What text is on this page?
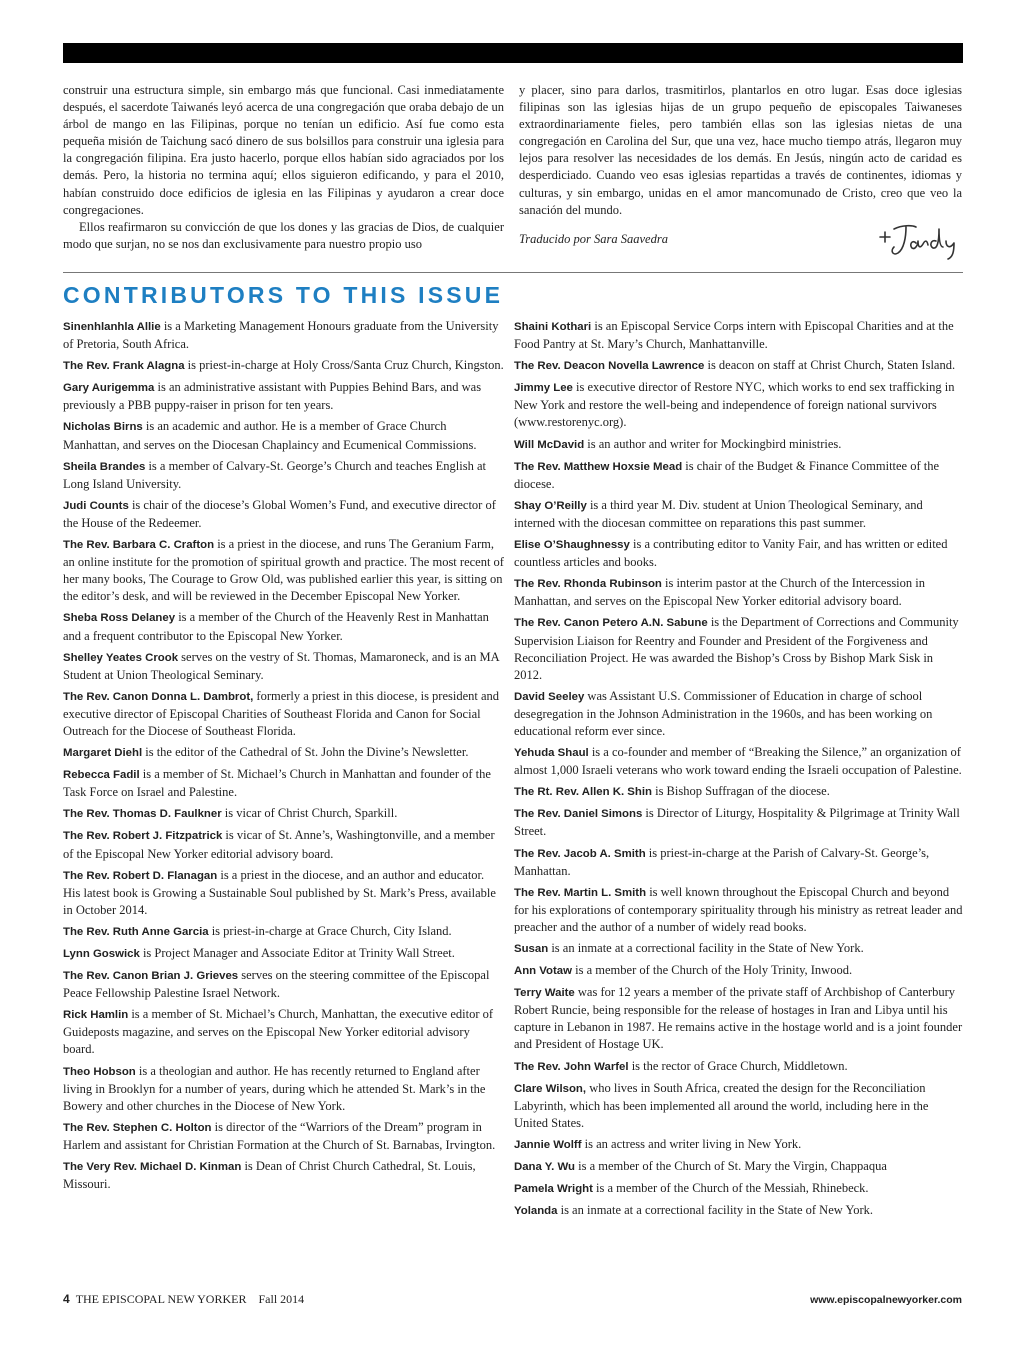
construir una estructura simple, sin embargo más que funcional. Casi inmediatamente después, el sacerdote Taiwanés leyó acerca de una congregación que oraba debajo de un árbol de mango en las Filipinas, porque no tenían un edificio. Así fue como esta pequeña misión de Taichung sacó dinero de sus bolsillos para construir una iglesia para la congregación filipina. Era justo hacerlo, porque ellos habían sido agraciados por los demás. Pero, la historia no termina aquí; ellos siguieron edificando, y para el 2010, habían construido doce edificios de iglesia en las Filipinas y ayudaron a crear doce congregaciones.

Ellos reafirmaron su convicción de que los dones y las gracias de Dios, de cualquier modo que surjan, no se nos dan exclusivamente para nuestro propio uso

y placer, sino para darlos, trasmitirlos, plantarlos en otro lugar. Esas doce iglesias filipinas son las iglesias hijas de un grupo pequeño de episcopales Taiwaneses extraordinariamente fieles, pero también ellas son las iglesias nietas de una congregación en Carolina del Sur, que una vez, hace mucho tiempo atrás, llegaron muy lejos para resolver las necesidades de los demás. En Jesús, ningún acto de caridad es desperdiciado. Cuando veo esas iglesias repartidas a través de continentes, idiomas y culturas, y sin embargo, unidas en el amor mancomunado de Cristo, creo que veo la sanación del mundo.

Traducido por Sara Saavedra

CONTRIBUTORS TO THIS ISSUE

Sinenhlanhla Allie is a Marketing Management Honours graduate from the University of Pretoria, South Africa.

The Rev. Frank Alagna is priest-in-charge at Holy Cross/Santa Cruz Church, Kingston.

Gary Aurigemma is an administrative assistant with Puppies Behind Bars, and was previously a PBB puppy-raiser in prison for ten years.

Nicholas Birns is an academic and author. He is a member of Grace Church Manhattan, and serves on the Diocesan Chaplaincy and Ecumenical Commissions.

Sheila Brandes is a member of Calvary-St. George’s Church and teaches English at Long Island University.

Judi Counts is chair of the diocese’s Global Women’s Fund, and executive director of the House of the Redeemer.

The Rev. Barbara C. Crafton is a priest in the diocese, and runs The Geranium Farm, an online institute for the promotion of spiritual growth and practice. The most recent of her many books, The Courage to Grow Old, was published earlier this year, is sitting on the editor’s desk, and will be reviewed in the December Episcopal New Yorker.

Sheba Ross Delaney is a member of the Church of the Heavenly Rest in Manhattan and a frequent contributor to the Episcopal New Yorker.

Shelley Yeates Crook serves on the vestry of St. Thomas, Mamaroneck, and is an MA Student at Union Theological Seminary.

The Rev. Canon Donna L. Dambrot, formerly a priest in this diocese, is president and executive director of Episcopal Charities of Southeast Florida and Canon for Social Outreach for the Diocese of Southeast Florida.

Margaret Diehl is the editor of the Cathedral of St. John the Divine’s Newsletter.

Rebecca Fadil is a member of St. Michael’s Church in Manhattan and founder of the Task Force on Israel and Palestine.

The Rev. Thomas D. Faulkner is vicar of Christ Church, Sparkill.

The Rev. Robert J. Fitzpatrick is vicar of St. Anne’s, Washingtonville, and a member of the Episcopal New Yorker editorial advisory board.

The Rev. Robert D. Flanagan is a priest in the diocese, and an author and educator. His latest book is Growing a Sustainable Soul published by St. Mark’s Press, available in October 2014.

The Rev. Ruth Anne Garcia is priest-in-charge at Grace Church, City Island.

Lynn Goswick is Project Manager and Associate Editor at Trinity Wall Street.

The Rev. Canon Brian J. Grieves serves on the steering committee of the Episcopal Peace Fellowship Palestine Israel Network.

Rick Hamlin is a member of St. Michael’s Church, Manhattan, the executive editor of Guideposts magazine, and serves on the Episcopal New Yorker editorial advisory board.

Theo Hobson is a theologian and author. He has recently returned to England after living in Brooklyn for a number of years, during which he attended St. Mark’s in the Bowery and other churches in the Diocese of New York.

The Rev. Stephen C. Holton is director of the “Warriors of the Dream” program in Harlem and assistant for Christian Formation at the Church of St. Barnabas, Irvington.

The Very Rev. Michael D. Kinman is Dean of Christ Church Cathedral, St. Louis, Missouri.

Shaini Kothari is an Episcopal Service Corps intern with Episcopal Charities and at the Food Pantry at St. Mary’s Church, Manhattanville.

The Rev. Deacon Novella Lawrence is deacon on staff at Christ Church, Staten Island.

Jimmy Lee is executive director of Restore NYC, which works to end sex trafficking in New York and restore the well-being and independence of foreign national survivors (www.restorenyc.org).

Will McDavid is an author and writer for Mockingbird ministries.

The Rev. Matthew Hoxsie Mead is chair of the Budget & Finance Committee of the diocese.

Shay O’Reilly is a third year M. Div. student at Union Theological Seminary, and interned with the diocesan committee on reparations this past summer.

Elise O’Shaughnessy is a contributing editor to Vanity Fair, and has written or edited countless articles and books.

The Rev. Rhonda Rubinson is interim pastor at the Church of the Intercession in Manhattan, and serves on the Episcopal New Yorker editorial advisory board.

The Rev. Canon Petero A.N. Sabune is the Department of Corrections and Community Supervision Liaison for Reentry and Founder and President of the Forgiveness and Reconciliation Project. He was awarded the Bishop’s Cross by Bishop Mark Sisk in 2012.

David Seeley was Assistant U.S. Commissioner of Education in charge of school desegregation in the Johnson Administration in the 1960s, and has been working on educational reform ever since.

Yehuda Shaul is a co-founder and member of “Breaking the Silence,” an organization of almost 1,000 Israeli veterans who work toward ending the Israeli occupation of Palestine.

The Rt. Rev. Allen K. Shin is Bishop Suffragan of the diocese.

The Rev. Daniel Simons is Director of Liturgy, Hospitality & Pilgrimage at Trinity Wall Street.

The Rev. Jacob A. Smith is priest-in-charge at the Parish of Calvary-St. George’s, Manhattan.

The Rev. Martin L. Smith is well known throughout the Episcopal Church and beyond for his explorations of contemporary spirituality through his ministry as retreat leader and preacher and the author of a number of widely read books.

Susan is an inmate at a correctional facility in the State of New York.

Ann Votaw is a member of the Church of the Holy Trinity, Inwood.

Terry Waite was for 12 years a member of the private staff of Archbishop of Canterbury Robert Runcie, being responsible for the release of hostages in Iran and Libya until his capture in Lebanon in 1987. He remains active in the hostage world and is a joint founder and President of Hostage UK.

The Rev. John Warfel is the rector of Grace Church, Middletown.

Clare Wilson, who lives in South Africa, created the design for the Reconciliation Labyrinth, which has been implemented all around the world, including here in the United States.

Jannie Wolff is an actress and writer living in New York.

Dana Y. Wu is a member of the Church of St. Mary the Virgin, Chappaqua

Pamela Wright is a member of the Church of the Messiah, Rhinebeck.

Yolanda is an inmate at a correctional facility in the State of New York.

4 THE EPISCOPAL NEW YORKER Fall 2014	www.episcopalnewyorker.com
